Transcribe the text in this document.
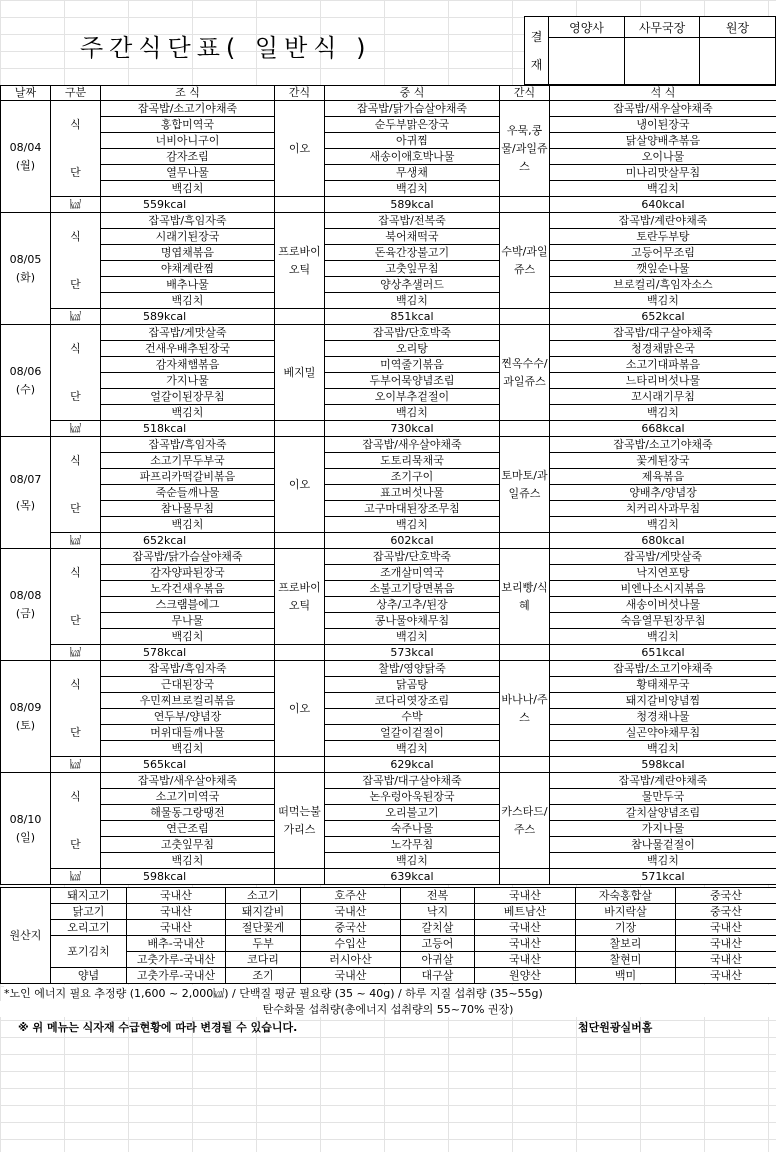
주간식단표( 일반식 )	결
재	영양사	사무국장	원장

날짜	구분	조 식	간식	중 식	간식	석 식

08/04
(월)		잡곡밥/소고기야채죽	이오	잡곡밥/닭가슴살야채죽	우묵,콩물/과일쥬스	잡곡밥/새우살야채죽
	식	홍합미역국		순두부맑은장국		냉이된장국
		너비아니구이		아귀찜		닭살양배추볶음
		감자조림		새송이애호박나물		오이나물
	단	열무나물		무생채		미나리맛살무침
		백김치		백김치		백김치
	㎉	559kcal		589kcal		640kcal

08/05
(화)		잡곡밥/흑임자죽	프로바이오틱	잡곡밥/전복죽	수박/과일쥬스	잡곡밥/계란야채죽
	식	시래기된장국		북어채떡국		토란두부탕
		명엽채볶음		돈육간장불고기		고등어무조림
		야채계란찜		고춧잎무침		깻잎순나물
	단	배추나물		양상추샐러드		브로컬리/흑임자소스
		백김치		백김치		백김치
	㎉	589kcal		851kcal		652kcal

08/06
(수)		잡곡밥/게맛살죽	베지밀	잡곡밥/단호박죽	찐옥수수/과일쥬스	잡곡밥/대구살야채죽
	식	건새우배추된장국		오리탕		청경채맑은국
		감자채햄볶음		미역줄기볶음		소고기대파볶음
		가지나물		두부어묵양념조림		느타리버섯나물
	단	얼갈이된장무침		오이부추겉절이		꼬시래기무침
		백김치		백김치		백김치
	㎉	518kcal		730kcal		668kcal

08/07
(목)		잡곡밥/흑임자죽	이오	잡곡밥/새우살야채죽	토마토/과일쥬스	잡곡밥/소고기야채죽
	식	소고기무두부국		도토리묵채국		꽃게된장국
		파프리카떡갈비볶음		조기구이		제육볶음
		죽순들깨나물		표고버섯나물		양배추/양념장
	단	참나물무침		고구마대된장조무침		치커리사과무침
		백김치		백김치		백김치
	㎉	652kcal		602kcal		680kcal

08/08
(금)		잡곡밥/닭가슴살야채죽	프로바이오틱	잡곡밥/단호박죽	보리빵/식혜	잡곡밥/게맛살죽
	식	감자양파된장국		조개살미역국		낙지연포탕
		노각건새우볶음		소불고기당면볶음		비엔나소시지볶음
		스크램블에그		상추/고추/된장		새송이버섯나물
	단	무나물		콩나물야채무침		숙음열무된장무침
		백김치		백김치		백김치
	㎉	578kcal		573kcal		651kcal

08/09
(토)		잡곡밥/흑임자죽	이오	찰밥/영양닭죽	바나나/주스	잡곡밥/소고기야채죽
	식	근대된장국		닭곰탕		황태채무국
		우민찌브로컬리볶음		코다리엿장조림		돼지갈비양념찜
		연두부/양념장		수박		청경채나물
	단	머위대들깨나물		얼갈이겉절이		실곤약야채무침
		백김치		백김치		백김치
	㎉	565kcal		629kcal		598kcal

08/10
(일)		잡곡밥/새우살야채죽	떠먹는불가리스	잡곡밥/대구살야채죽	카스타드/주스	잡곡밥/계란야채죽
	식	소고기미역국		논우렁아욱된장국		물만두국
		해물동그랑땡전		오리불고기		갈치살양념조림
		연근조림		숙주나물		가지나물
	단	고춧잎무침		노각무침		참나물겉절이
		백김치		백김치		백김치
	㎉	598kcal		639kcal		571kcal
원산지	돼지고기	국내산	소고기	호주산	전복	국내산	자숙홍합살	중국산
	닭고기	국내산	돼지갈비	국내산	낙지	베트남산	바지락살	중국산
	오리고기	국내산	절단꽃게	중국산	갈치살	국내산	기장	국내산
	포기김치	배추-국내산	두부	수입산	고등어	국내산	찰보리	국내산
		고춧가루-국내산	코다리	러시아산	아귀살	국내산	찰현미	국내산
	양념	고춧가루-국내산	조기	국내산	대구살	원양산	백미	국내산
*노인 에너지 필요 추정량 (1,600 ~ 2,000㎉) / 단백질 평균 필요량 (35 ~ 40g) / 하루 지질 섭취량 (35~55g)
탄수화물 섭취량(총에너지 섭취량의 55~70% 권장)
※ 위 메뉴는 식자재 수급현황에 따라 변경될 수 있습니다.	첨단원광실버홈
